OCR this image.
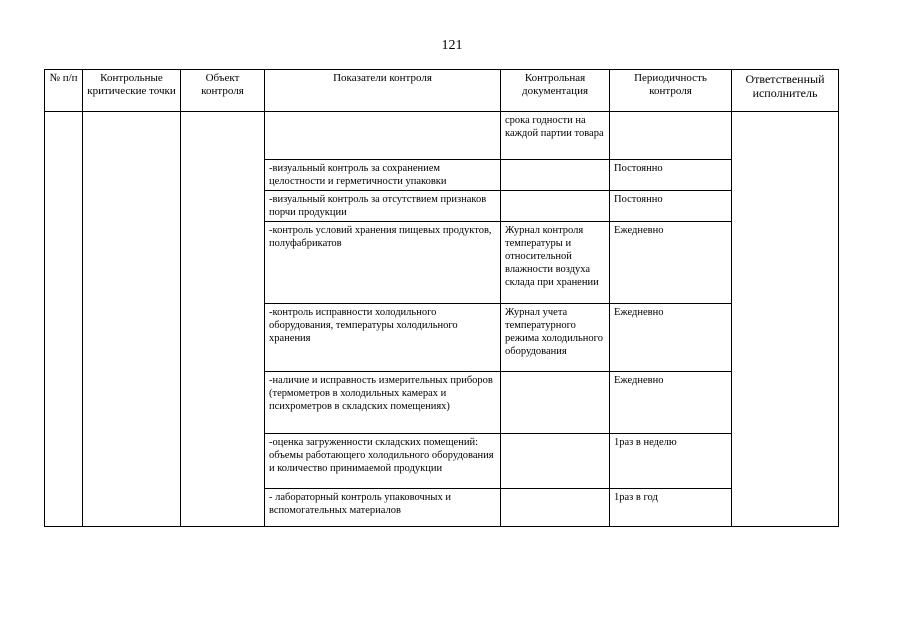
121
№ п/п	Контрольные критические точки	Объект контроля	Показатели контроля	Контрольная документация	Периодичность контроля	Ответственный исполнитель
				срока годности на каждой партии товара		
			-визуальный контроль за сохранением целостности и герметичности упаковки		Постоянно	
			-визуальный контроль за отсутствием признаков порчи продукции		Постоянно	
			-контроль условий хранения пищевых продуктов, полуфабрикатов	Журнал контроля температуры и относительной влажности воздуха склада при хранении	Ежедневно	
			-контроль исправности холодильного оборудования, температуры холодильного хранения	Журнал учета температурного режима холодильного оборудования	Ежедневно	
			-наличие и исправность измерительных приборов (термометров в холодильных камерах и психрометров в складских помещениях)		Ежедневно	
			-оценка загруженности складских помещений: объемы работающего холодильного оборудования и количество принимаемой продукции		1раз в неделю	
			- лабораторный контроль упаковочных и вспомогательных материалов		1раз в год	
